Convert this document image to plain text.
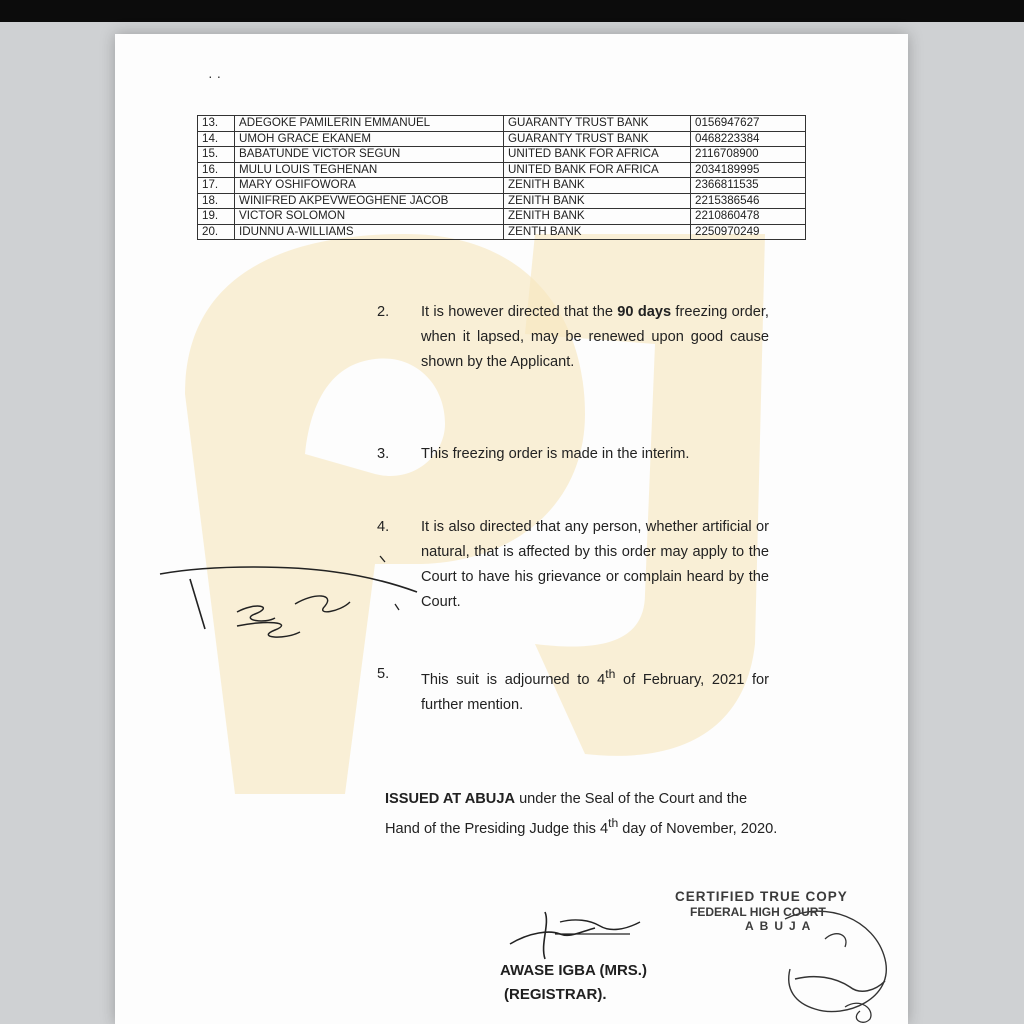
· ·
13.	ADEGOKE PAMILERIN EMMANUEL	GUARANTY TRUST BANK	0156947627
14.	UMOH GRACE EKANEM	GUARANTY TRUST BANK	0468223384
15.	BABATUNDE VICTOR SEGUN	UNITED BANK FOR AFRICA	2116708900
16.	MULU LOUIS TEGHENAN	UNITED BANK FOR AFRICA	2034189995
17.	MARY OSHIFOWORA	ZENITH BANK	2366811535
18.	WINIFRED AKPEVWEOGHENE JACOB	ZENITH BANK	2215386546
19.	VICTOR SOLOMON	ZENITH BANK	2210860478
20.	IDUNNU A-WILLIAMS	ZENTH BANK	2250970249
2. It is however directed that the 90 days freezing order, when it lapsed, may be renewed upon good cause shown by the Applicant.
3. This freezing order is made in the interim.
4. It is also directed that any person, whether artificial or natural, that is affected by this order may apply to the Court to have his grievance or complain heard by the Court.
5. This suit is adjourned to 4th of February, 2021 for further mention.
ISSUED AT ABUJA under the Seal of the Court and the Hand of the Presiding Judge this 4th day of November, 2020.
CERTIFIED TRUE COPY
FEDERAL HIGH COURT
ABUJA
AWASE IGBA (MRS.)
(REGISTRAR).
